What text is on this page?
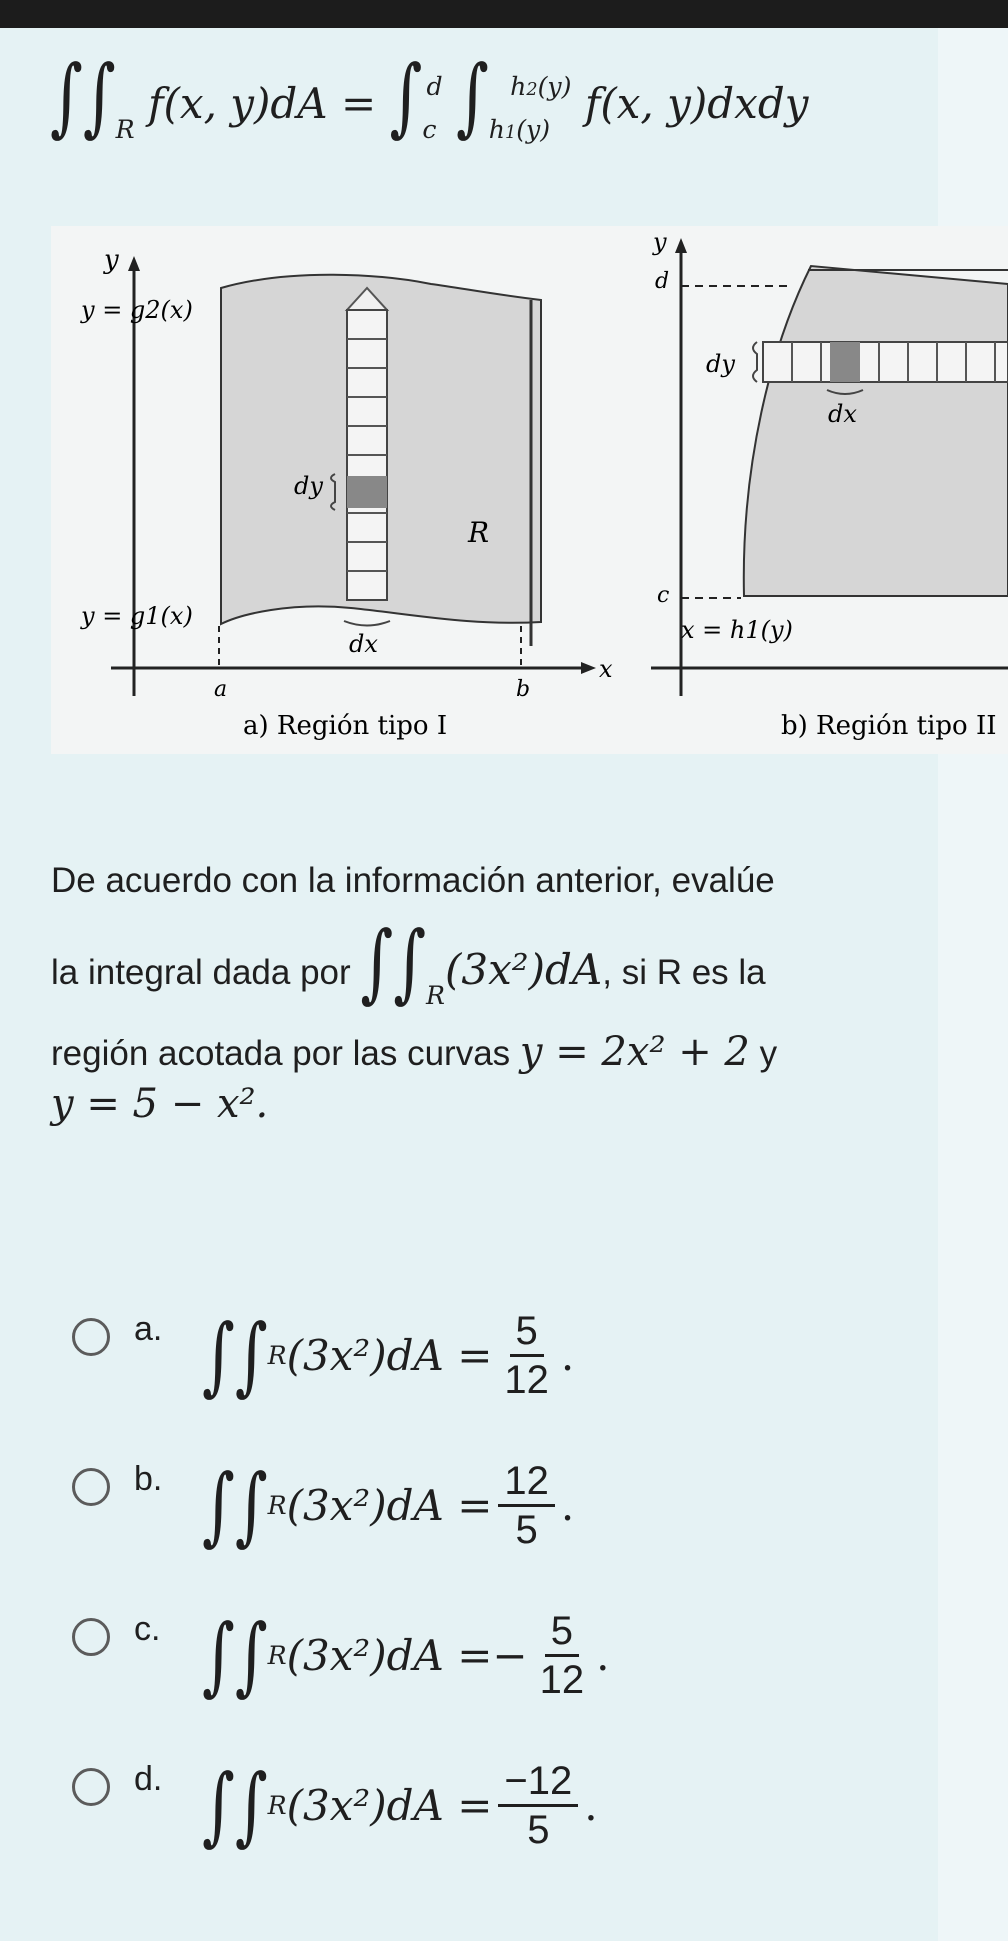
$\int\int_R$ f(x, $y)dA = \int_c^d$ $\int_{h1(y)}^{h2(y)}$ f(x, y)dxdy
y
y = g2(x)
y = g1(x)
dy
dx
R
a	b
x
a) Región tipo I
y
d
c
dy
dx
x = h1(y)
b) Región tipo II
De acuerdo con la información anterior, evalúe
la integral dada por $\int\int_R(3x^2)dA$, si R es la
región acotada por las curvas y = 2x² + 2 y
y = 5 − x².
a. ∫ ∫ R $(3x^2)dA = \frac{5}{12}$ .
b. ∫ ∫ R $(3x^2)dA = \frac{12}{5}$ .
c. ∫ ∫ R (3x²)dA = − $\frac{5}{12}$ .
d. ∫ ∫ R $(3x^2)dA = \frac{-12}{5}$ .
